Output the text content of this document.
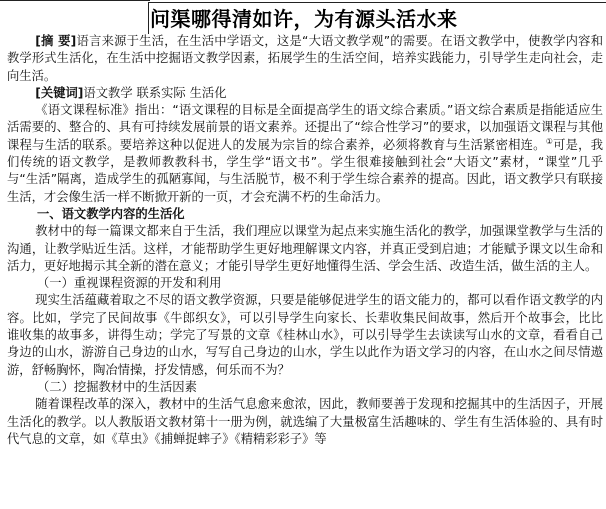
问渠哪得清如许，为有源头活水来

[摘 要]语言来源于生活，在生活中学语文，这是“大语文教学观”的需要。在语文教学中，使教学内容和教学形式生活化，在生活中挖掘语文教学因素，拓展学生的生活空间，培养实践能力，引导学生走向社会，走向生活。

[关键词]语文教学 联系实际 生活化

《语文课程标准》指出：“语文课程的目标是全面提高学生的语文综合素质。”语文综合素质是指能适应生活需要的、整合的、具有可持续发展前景的语文素养。还提出了“综合性学习”的要求，以加强语文课程与其他课程与生活的联系。要培养这种以促进人的发展为宗旨的综合素养，必须将教育与生活紧密相连。①可是，我们传统的语文教学，是教师教教科书，学生学“语文书”。学生很难接触到社会“大语文”素材，“课堂”几乎与“生活”隔离，造成学生的孤陋寡闻，与生活脱节，极不利于学生综合素养的提高。因此，语文教学只有联接生活，才会像生活一样不断掀开新的一页，才会充满不朽的生命活力。

一、语文教学内容的生活化

教材中的每一篇课文都来自于生活，我们理应以课堂为起点来实施生活化的教学，加强课堂教学与生活的沟通，让教学贴近生活。这样，才能帮助学生更好地理解课文内容，并真正受到启迪；才能赋予课文以生命和活力，更好地揭示其全新的潜在意义；才能引导学生更好地懂得生活、学会生活、改造生活，做生活的主人。

（一）重视课程资源的开发和利用

现实生活蕴藏着取之不尽的语文教学资源，只要是能够促进学生的语文能力的，都可以看作语文教学的内容。比如，学完了民间故事《牛郎织女》，可以引导学生向家长、长辈收集民间故事，然后开个故事会，比比谁收集的故事多，讲得生动；学完了写景的文章《桂林山水》，可以引导学生去读读写山水的文章，看看自己身边的山水，游游自己身边的山水，写写自己身边的山水，学生以此作为语文学习的内容，在山水之间尽情遨游，舒畅胸怀，陶冶情操，抒发情感，何乐而不为？

（二）挖掘教材中的生活因素

随着课程改革的深入，教材中的生活气息愈来愈浓，因此，教师要善于发现和挖掘其中的生活因子，开展生活化的教学。以人教版语文教材第十一册为例，就选编了大量极富生活趣味的、学生有生活体验的、具有时代气息的文章，如《草虫》《捕蝉捉蟀子》《精精彩彩子》等
